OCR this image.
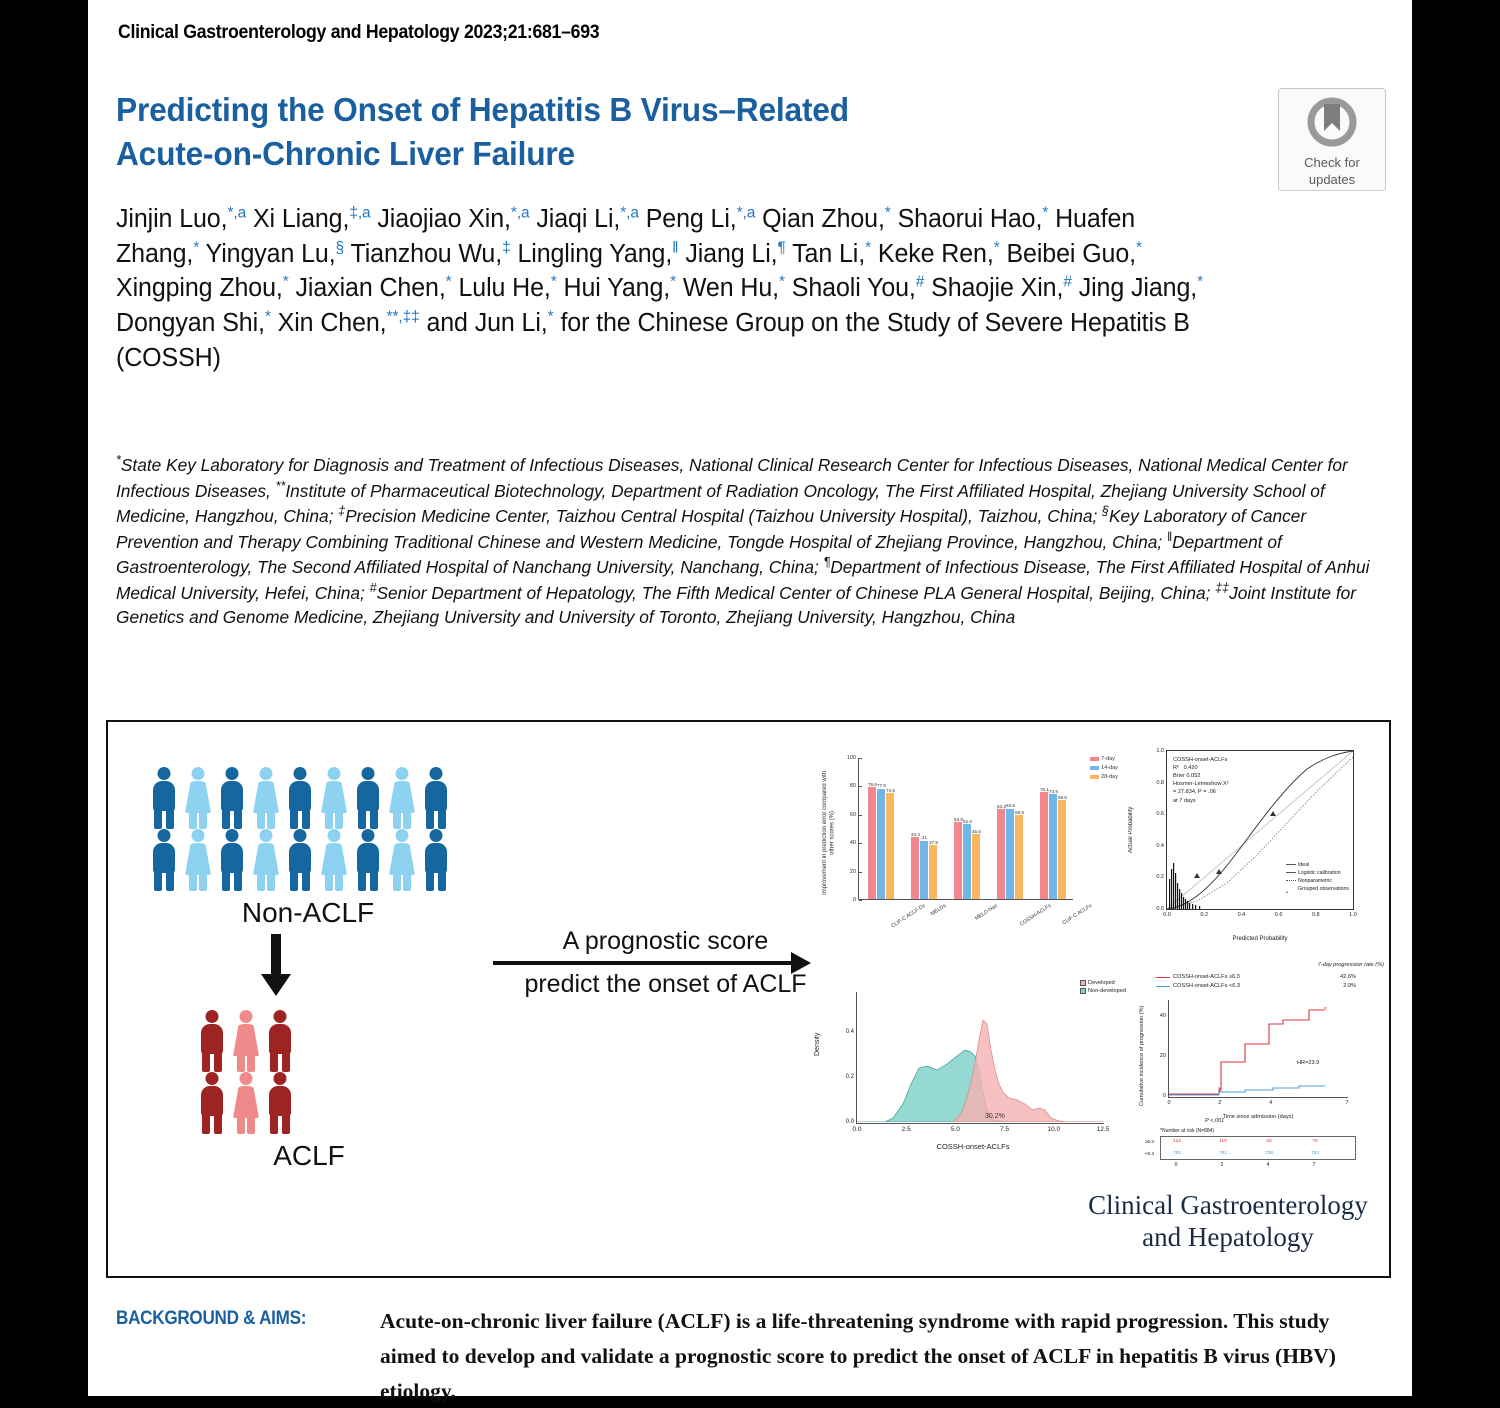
Clinical Gastroenterology and Hepatology 2023;21:681–693
Predicting the Onset of Hepatitis B Virus–Related
Acute-on-Chronic Liver Failure	Check for
updates
Jinjin Luo,$^{*,a}$ Xi Liang,$^{\ddagger,a}$ Jiaojiao Xin,$^{*,a}$ Jiaqi Li,$^{*,a}$ Peng Li,$^{*,a}$ Qian Zhou,* Shaorui Hao,* Huafen Zhang,* Yingyan Lu,§ Tianzhou Wu,‡ Lingling Yang,‖ Jiang Li,¶ Tan Li,* Keke Ren,* Beibei Guo,* Xingping Zhou,* Jiaxian Chen,* Lulu He,* Hui Yang,* Wen Hu,* Shaoli You,# Shaojie Xin,# Jing Jiang,* Dongyan Shi,* Xin Chen,**,‡‡ and Jun Li,* for the Chinese Group on the Study of Severe Hepatitis B (COSSH)
*State Key Laboratory for Diagnosis and Treatment of Infectious Diseases, National Clinical Research Center for Infectious Diseases, National Medical Center for Infectious Diseases, **Institute of Pharmaceutical Biotechnology, Department of Radiation Oncology, The First Affiliated Hospital, Zhejiang University School of Medicine, Hangzhou, China; ‡Precision Medicine Center, Taizhou Central Hospital (Taizhou University Hospital), Taizhou, China; §Key Laboratory of Cancer Prevention and Therapy Combining Traditional Chinese and Western Medicine, Tongde Hospital of Zhejiang Province, Hangzhou, China; ‖Department of Gastroenterology, The Second Affiliated Hospital of Nanchang University, Nanchang, China; ¶Department of Infectious Disease, The First Affiliated Hospital of Anhui Medical University, Hefei, China; #Senior Department of Hepatology, The Fifth Medical Center of Chinese PLA General Hospital, Beijing, China; ‡‡Joint Institute for Genetics and Genome Medicine, Zhejiang University and University of Toronto, Zhejiang University, Hangzhou, China
Non-ACLF
ACLF
A prognostic score
predict the onset of ACLF
Improvement in prediction error compared with other scores (%)
0
20
40
60
80
100
78.6 77.5
74.6
CLIF-C ACLF-Ds
43.4
41
37.9
MELDs
53.9 52.6
45.6
MELD-Nas
63.3 63.6
58.9
COSSH-ACLFs
75.1 73.9
69.5
CLIF-C ACLFs
7-day
14-day
28-day
Actual Probability
COSSH-onset-ACLFs
R² 0.420
Brier 0.052
Hosmer-Lemeshow X²
= 27.834, P = .06
at 7 days
Ideal
Logistic calibration
Nonparametric
•
Grouped observations
0.0
0.2
0.4
0.6
0.8
1.0
0.0	0.2	0.4	0.6	0.8	1.0
Predicted Probability
Density
30.2%
0.0
0.2
0.4
0.0	2.5	5.0	7.5	10.0	12.5
Developed
Non-developed
COSSH-onset-ACLFs
7-day progression rate (%)
COSSH-onset-ACLFs ≥6.3	42.6%
COSSH-onset-ACLFs <6.3	2.9%
Cumulative incidence of progression (%)	HR=23.9
P <.001
0
20
40
0	2	4	7
Time since admission (days)
*Number at risk (N=884)
≥6.3	122	119	93	70
<6.3	762	761	738	782
0	2	4	7
Clinical Gastroenterology
and Hepatology
BACKGROUND & AIMS:	Acute-on-chronic liver failure (ACLF) is a life-threatening syndrome with rapid progression. This study aimed to develop and validate a prognostic score to predict the onset of ACLF in hepatitis B virus (HBV) etiology.
